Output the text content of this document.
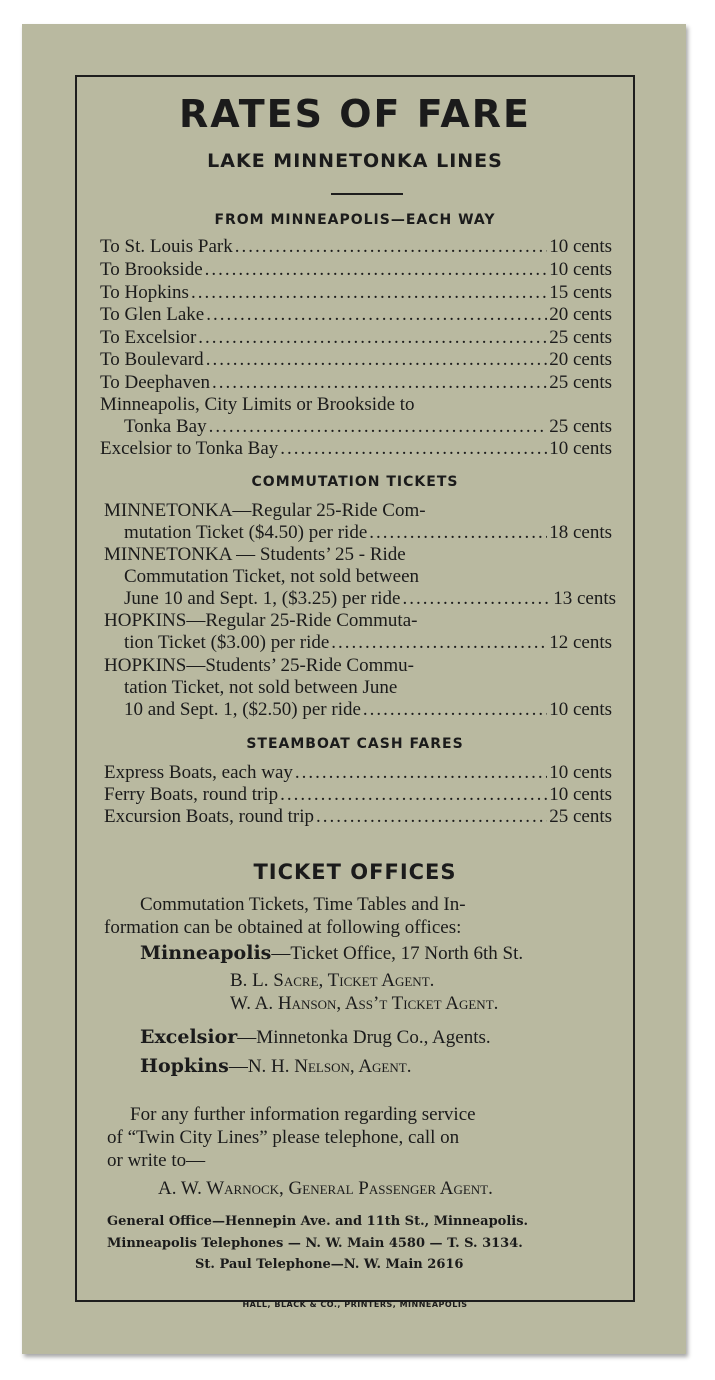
RATES OF FARE
LAKE MINNETONKA LINES
FROM MINNEAPOLIS—EACH WAY
To St. Louis Park .....	10 cents
To Brookside .....	10 cents
To Hopkins .....	15 cents
To Glen Lake .....	20 cents
To Excelsior .....	25 cents
To Boulevard .....	20 cents
To Deephaven .....	25 cents
Minneapolis, City Limits or Brookside to
Tonka Bay .....	25 cents
Excelsior to Tonka Bay .....	10 cents
COMMUTATION TICKETS
MINNETONKA—Regular 25-Ride Com-
mutation Ticket ($4.50) per ride .....	18 cents
MINNETONKA — Students’ 25 - Ride
Commutation Ticket, not sold between
June 10 and Sept. 1, ($3.25) per ride .....	13 cents
HOPKINS—Regular 25-Ride Commuta-
tion Ticket ($3.00) per ride .....	12 cents
HOPKINS—Students’ 25-Ride Commu-
tation Ticket, not sold between June
10 and Sept. 1, ($2.50) per ride .....	10 cents
STEAMBOAT CASH FARES
Express Boats, each way .....	10 cents
Ferry Boats, round trip .....	10 cents
Excursion Boats, round trip .....	25 cents
TICKET OFFICES
Commutation Tickets, Time Tables and In-
formation can be obtained at following offices:
Minneapolis—Ticket Office, 17 North 6th St.
B. L. Sacre, Ticket Agent.
W. A. Hanson, Ass’t Ticket Agent.
Excelsior—Minnetonka Drug Co., Agents.
Hopkins—N. H. Nelson, Agent.
For any further information regarding service
of “Twin City Lines” please telephone, call on
or write to—
A. W. Warnock, General Passenger Agent.
General Office—Hennepin Ave. and 11th St., Minneapolis.
Minneapolis Telephones — N. W. Main 4580 — T. S. 3134.
St. Paul Telephone—N. W. Main 2616
HALL, BLACK & CO., PRINTERS, MINNEAPOLIS
